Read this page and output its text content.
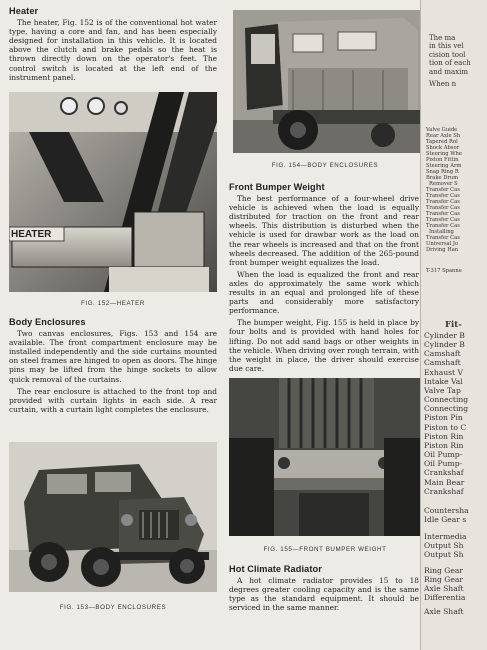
Heater

The heater, Fig. 152 is of the conventional hot water type, having a core and fan, and has been especially designed for installation in this vehicle. It is located above the clutch and brake pedals so the heat is thrown directly down on the operator's feet. The control switch is located at the left end of the instrument panel.

HEATER
FIG. 152—HEATER
Body Enclosures

Two canvas enclosures, Figs. 153 and 154 are available. The front compartment enclosure may be installed independently and the side curtains mounted on steel frames are hinged to open as doors. The hinge pins may be lifted from the hinge sockets to allow quick removal of the curtains.

The rear enclosure is attached to the front top and provided with curtain lights in each side. A rear curtain, with a curtain light completes the enclosure.

FIG. 153—BODY ENCLOSURES
FIG. 154—BODY ENCLOSURES
Front Bumper Weight

The best performance of a four-wheel drive vehicle is achieved when the load is equally distributed for traction on the front and rear wheels. This distribution is disturbed when the vehicle is used for drawbar work as the load on the rear wheels is increased and that on the front wheels decreased. The addition of the 265-pound front bumper weight equalizes the load.

When the load is equalized the front and rear axles do approximately the same work which results in an equal and prolonged life of these parts and considerably more satisfactory performance.

The bumper weight, Fig. 155 is held in place by four bolts and is provided with hand holes for lifting. Do not add sand bags or other weights in the vehicle. When driving over rough terrain, with the weight in place, the driver should exercise due care.

FIG. 155—FRONT BUMPER WEIGHT
Hot Climate Radiator

A hot climate radiator provides 15 to 18 degrees greater cooling capacity and is the same type as the standard equipment. It should be serviced in the same manner.

The ma
in this vel
cision tool
tion of each
and maxim
When n
Valve Guide
Rear Axle Sh
Tapered Rol
Shock Absor
Steering Whe
Piston Fittin
Steering Arm
Snap Ring R
Brake Drum
Remover S
Transfer Cas
Transfer Cas
Transfer Cas
Transfer Cas
Transfer Cas
Transfer Cas
Transfer Cas
Installing
Transfer Cas
Universal Jo
Driving Han
T-317 Spanne
Fit-
Cylinder B
Cylinder B
Camshaft
Camshaft
Exhaust V
Intake Val
Valve Tap
Connecting
Connecting
Piston Pin
Piston to C
Piston Rin
Piston Rin
Oil Pump-
Oil Pump-
Crankshaf
Main Bear
Crankshaf
Countersha
Idle Gear s
Intermedia
Output Sh
Output Sh
Ring Gear
Ring Gear
Axle Shaft
Differentia
Axle Shaft
